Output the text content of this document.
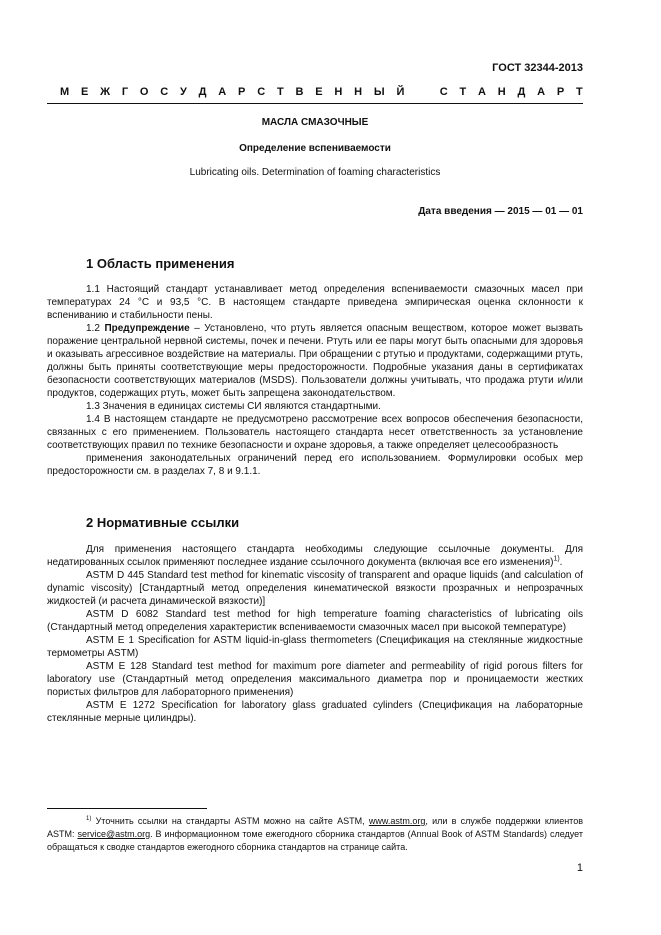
ГОСТ 32344-2013
М Е Ж Г О С У Д А Р С Т В Е Н Н Ы Й	С Т А Н Д А Р Т
МАСЛА СМАЗОЧНЫЕ
Определение вспениваемости
Lubricating oils. Determination of foaming characteristics
Дата введения — 2015 — 01 — 01
1 Область применения

1.1 Настоящий стандарт устанавливает метод определения вспениваемости смазочных масел при температурах 24 °С и 93,5 °С. В настоящем стандарте приведена эмпирическая оценка склонности к вспениванию и стабильности пены.

1.2 Предупреждение – Установлено, что ртуть является опасным веществом, которое может вызвать поражение центральной нервной системы, почек и печени. Ртуть или ее пары могут быть опасными для здоровья и оказывать агрессивное воздействие на материалы. При обращении с ртутью и продуктами, содержащими ртуть, должны быть приняты соответствующие меры предосторожности. Подробные указания даны в сертификатах безопасности соответствующих материалов (MSDS). Пользователи должны учитывать, что продажа ртути и/или продуктов, содержащих ртуть, может быть запрещена законодательством.

1.3 Значения в единицах системы СИ являются стандартными.

1.4 В настоящем стандарте не предусмотрено рассмотрение всех вопросов обеспечения безопасности, связанных с его применением. Пользователь настоящего стандарта несет ответственность за установление соответствующих правил по технике безопасности и охране здоровья, а также определяет целесообразность

применения законодательных ограничений перед его использованием. Формулировки особых мер предосторожности см. в разделах 7, 8 и 9.1.1.

2 Нормативные ссылки

Для применения настоящего стандарта необходимы следующие ссылочные документы. Для недатированных ссылок применяют последнее издание ссылочного документа (включая все его изменения)$^{1)}$.

ASTM D 445 Standard test method for kinematic viscosity of transparent and opaque liquids (and calculation of dynamic viscosity) [Стандартный метод определения кинематической вязкости прозрачных и непрозрачных жидкостей (и расчета динамической вязкости)]

ASTM D 6082 Standard test method for high temperature foaming characteristics of lubricating oils (Стандартный метод определения характеристик вспениваемости смазочных масел при высокой температуре)

ASTM E 1 Specification for ASTM liquid-in-glass thermometers (Спецификация на стеклянные жидкостные термометры ASTM)

ASTM E 128 Standard test method for maximum pore diameter and permeability of rigid porous filters for laboratory use (Стандартный метод определения максимального диаметра пор и проницаемости жестких пористых фильтров для лабораторного применения)

ASTM E 1272 Specification for laboratory glass graduated cylinders (Спецификация на лабораторные стеклянные мерные цилиндры).

$^{1)}$ Уточнить ссылки на стандарты ASTM можно на сайте ASTM, www.astm.org, или в службе поддержки клиентов ASTM: service@astm.org. В информационном томе ежегодного сборника стандартов (Annual Book of ASTM Standards) следует обращаться к сводке стандартов ежегодного сборника стандартов на странице сайта.
1
